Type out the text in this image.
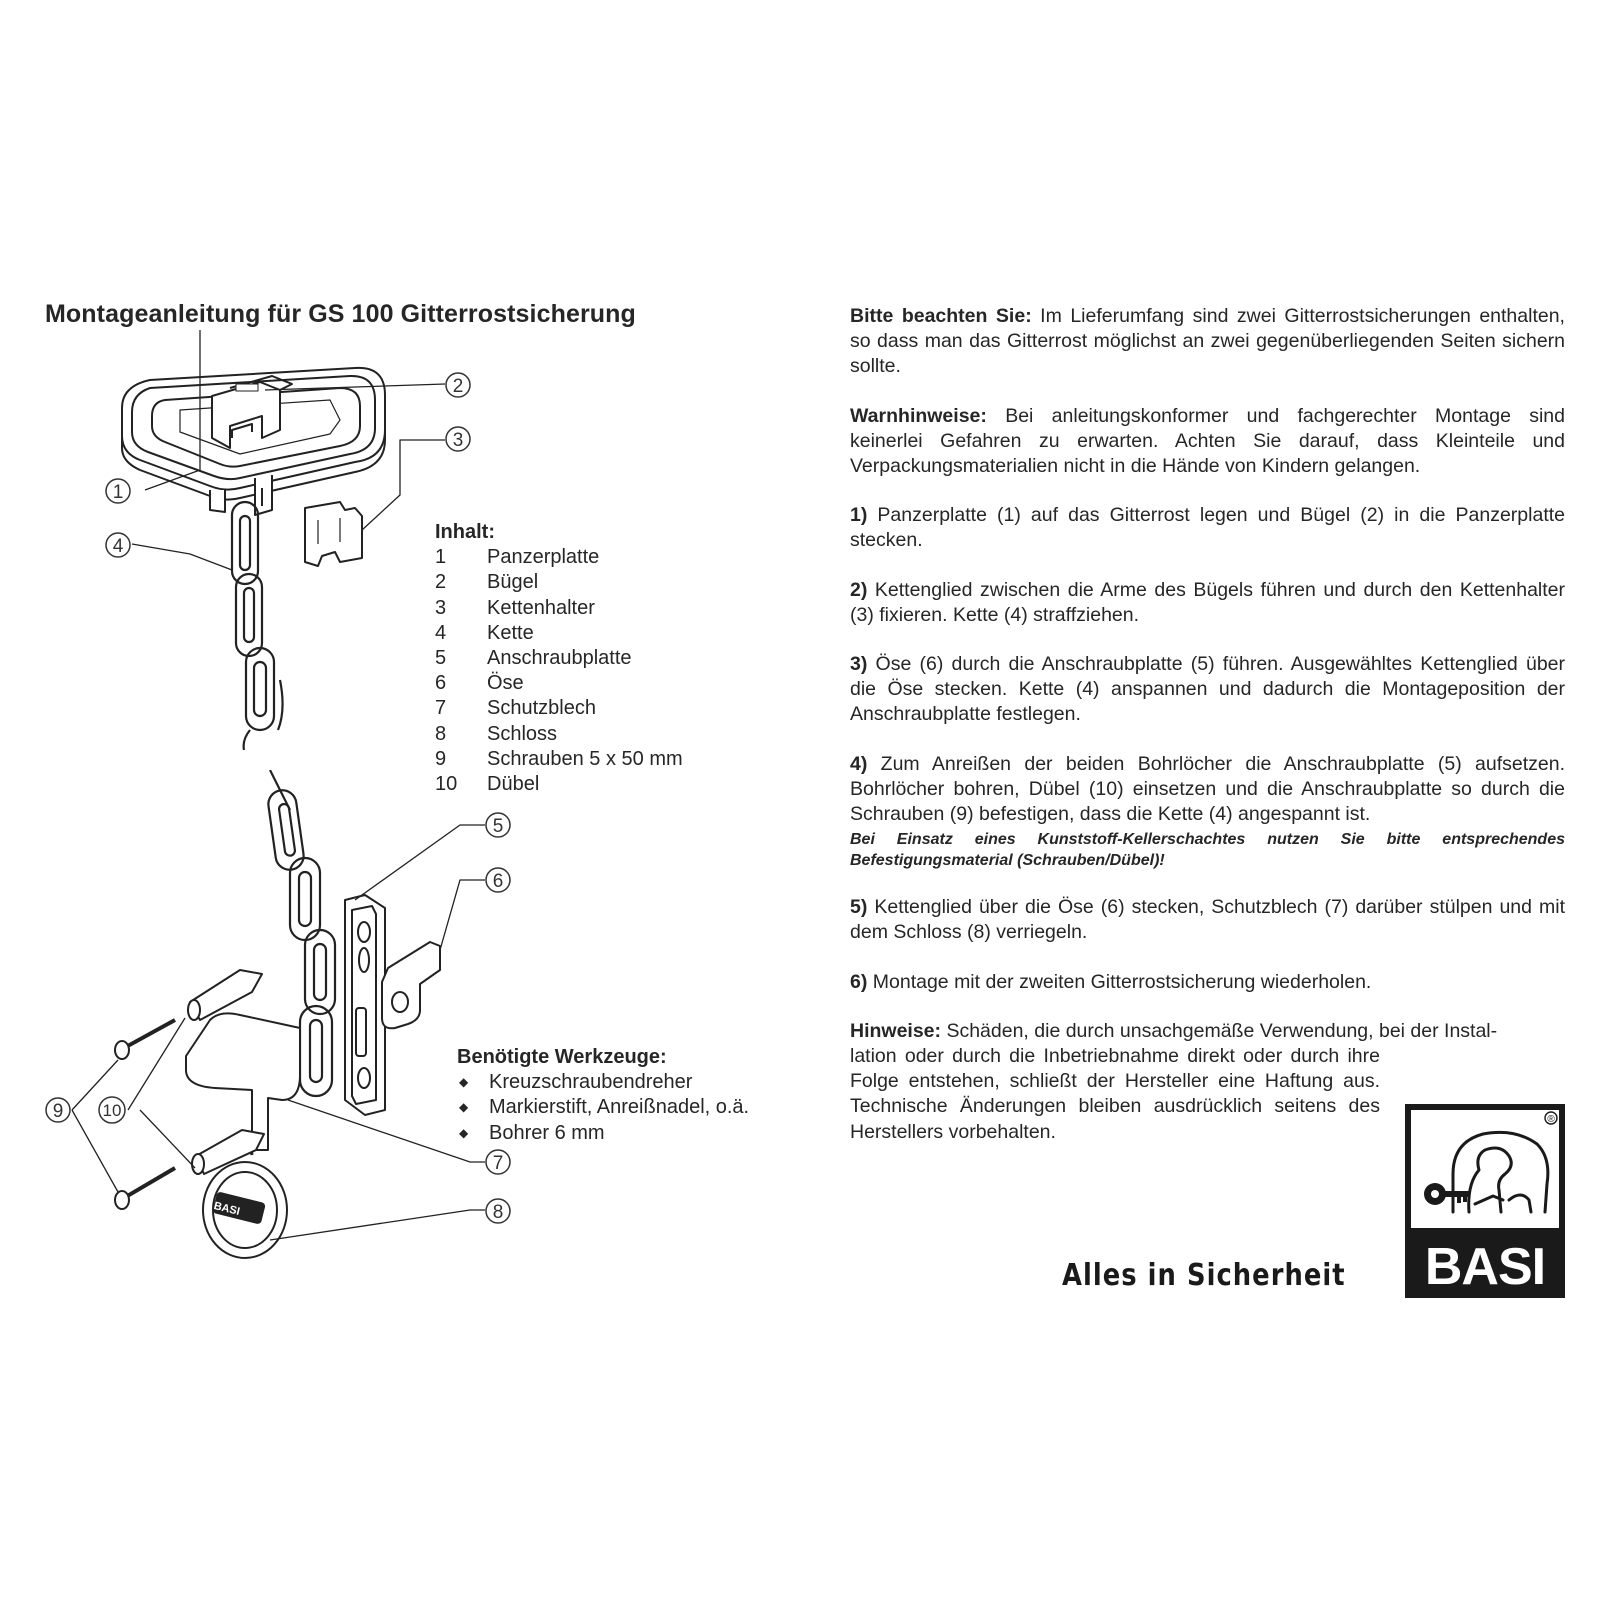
Montageanleitung für GS 100 Gitterrostsicherung
1
2
3
4
5
6
7
8
9 10
BASI
Inhalt:
1	Panzerplatte
2	Bügel
3	Kettenhalter
4	Kette
5	Anschraubplatte
6	Öse
7	Schutzblech
8	Schloss
9	Schrauben 5 x 50 mm
10	Dübel
Benötigte Werkzeuge:
◆	Kreuzschraubendreher
◆	Markierstift, Anreißnadel, o.ä.
◆	Bohrer 6 mm

Bitte beachten Sie: Im Lieferumfang sind zwei Gitterrostsicherungen enthalten, so dass man das Gitterrost möglichst an zwei gegenüberliegenden Seiten sichern sollte.

Warnhinweise: Bei anleitungskonformer und fachgerechter Montage sind keinerlei Gefahren zu erwarten. Achten Sie darauf, dass Kleinteile und Verpackungsmaterialien nicht in die Hände von Kindern gelangen.

1) Panzerplatte (1) auf das Gitterrost legen und Bügel (2) in die Panzerplatte stecken.

2) Kettenglied zwischen die Arme des Bügels führen und durch den Kettenhalter (3) fixieren. Kette (4) straffziehen.

3) Öse (6) durch die Anschraubplatte (5) führen. Ausgewähltes Kettenglied über die Öse stecken. Kette (4) anspannen und dadurch die Montageposition der Anschraubplatte festlegen.

4) Zum Anreißen der beiden Bohrlöcher die Anschraubplatte (5) aufsetzen. Bohrlöcher bohren, Dübel (10) einsetzen und die Anschraubplatte so durch die Schrauben (9) befestigen, dass die Kette (4) angespannt ist.
Bei Einsatz eines Kunststoff-Kellerschachtes nutzen Sie bitte entsprechendes Befestigungsmaterial (Schrauben/Dübel)!

5) Kettenglied über die Öse (6) stecken, Schutzblech (7) darüber stülpen und mit dem Schloss (8) verriegeln.

6) Montage mit der zweiten Gitterrostsicherung wiederholen.

Hinweise: Schäden, die durch unsachgemäße Verwendung, bei der Instal-
lation oder durch die Inbetriebnahme direkt oder durch ihre Folge entstehen, schließt der Hersteller eine Haftung aus. Technische Änderungen bleiben ausdrücklich seitens des Herstellers vorbehalten.
Alles in Sicherheit
®
BASI
